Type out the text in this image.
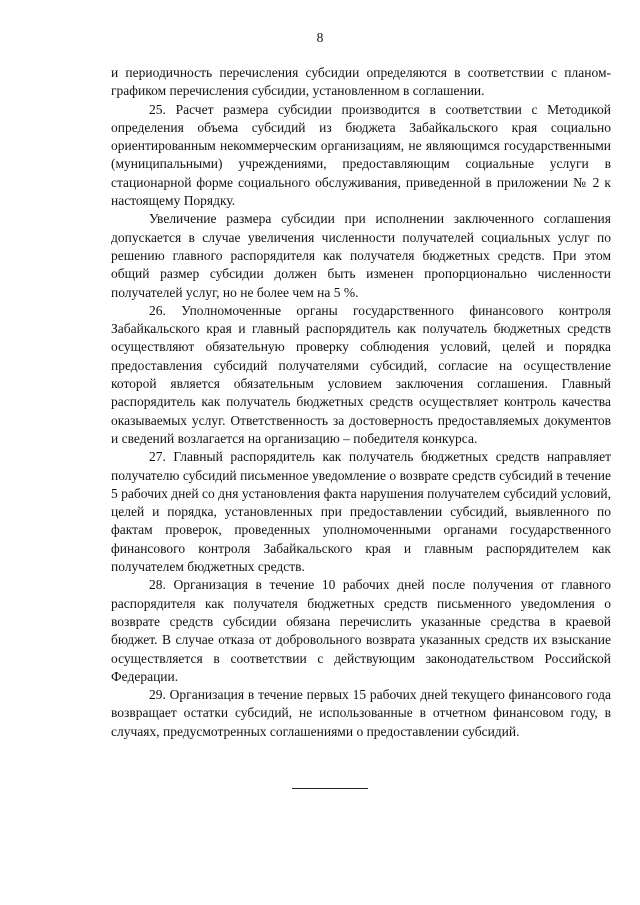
8

и периодичность перечисления субсидии определяются в соответствии с планом-графиком перечисления субсидии, установленном в соглашении.

25. Расчет размера субсидии производится в соответствии с Методикой определения объема субсидий из бюджета Забайкальского края социально ориентированным некоммерческим организациям, не являющимся государственными (муниципальными) учреждениями, предоставляющим социальные услуги в стационарной форме социального обслуживания, приведенной в приложении № 2 к настоящему Порядку.

Увеличение размера субсидии при исполнении заключенного соглашения допускается в случае увеличения численности получателей социальных услуг по решению главного распорядителя как получателя бюджетных средств. При этом общий размер субсидии должен быть изменен пропорционально численности получателей услуг, но не более чем на 5 %.

26. Уполномоченные органы государственного финансового контроля Забайкальского края и главный распорядитель как получатель бюджетных средств осуществляют обязательную проверку соблюдения условий, целей и порядка предоставления субсидий получателями субсидий, согласие на осуществление которой является обязательным условием заключения соглашения. Главный распорядитель как получатель бюджетных средств осуществляет контроль качества оказываемых услуг. Ответственность за достоверность предоставляемых документов и сведений возлагается на организацию – победителя конкурса.

27. Главный распорядитель как получатель бюджетных средств направляет получателю субсидий письменное уведомление о возврате средств субсидий в течение 5 рабочих дней со дня установления факта нарушения получателем субсидий условий, целей и порядка, установленных при предоставлении субсидий, выявленного по фактам проверок, проведенных уполномоченными органами государственного финансового контроля Забайкальского края и главным распорядителем как получателем бюджетных средств.

28. Организация в течение 10 рабочих дней после получения от главного распорядителя как получателя бюджетных средств письменного уведомления о возврате средств субсидии обязана перечислить указанные средства в краевой бюджет. В случае отказа от добровольного возврата указанных средств их взыскание осуществляется в соответствии с действующим законодательством Российской Федерации.

29. Организация в течение первых 15 рабочих дней текущего финансового года возвращает остатки субсидий, не использованные в отчетном финансовом году, в случаях, предусмотренных соглашениями о предоставлении субсидий.
